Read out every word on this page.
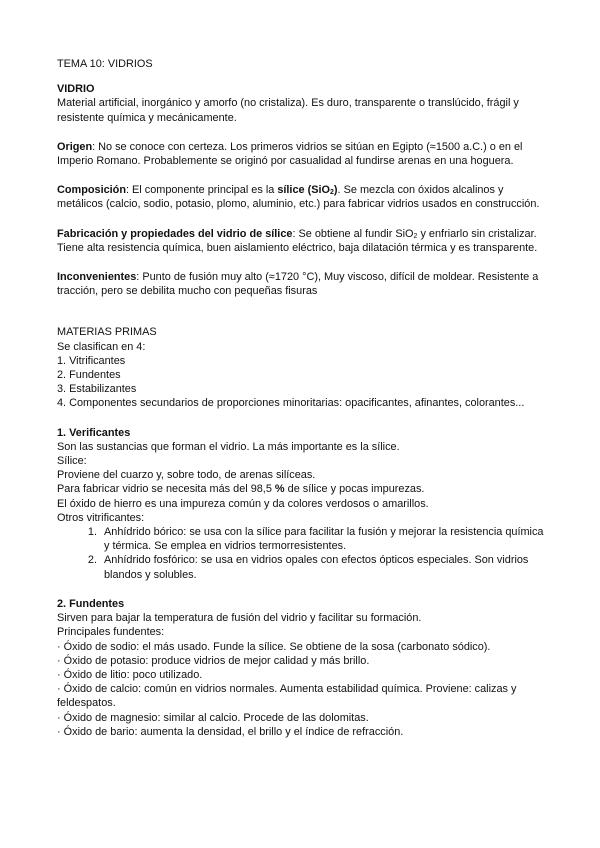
TEMA 10: VIDRIOS

VIDRIO

Material artificial, inorgánico y amorfo (no cristaliza). Es duro, transparente o translúcido, frágil y resistente química y mecánicamente.

Origen: No se conoce con certeza. Los primeros vidrios se sitúan en Egipto (≈1500 a.C.) o en el Imperio Romano. Probablemente se originó por casualidad al fundirse arenas en una hoguera.

Composición: El componente principal es la sílice (SiO$_2$). Se mezcla con óxidos alcalinos y metálicos (calcio, sodio, potasio, plomo, aluminio, etc.) para fabricar vidrios usados en construcción.

Fabricación y propiedades del vidrio de sílice: Se obtiene al fundir SiO$_2$ y enfriarlo sin cristalizar. Tiene alta resistencia química, buen aislamiento eléctrico, baja dilatación térmica y es transparente.

Inconvenientes: Punto de fusión muy alto (≈1720 °C), Muy viscoso, difícil de moldear. Resistente a tracción, pero se debilita mucho con pequeñas fisuras

MATERIAS PRIMAS

Se clasifican en 4:

1. Vitrificantes

2. Fundentes

3. Estabilizantes

4. Componentes secundarios de proporciones minoritarias: opacificantes, afinantes, colorantes...

1. Verificantes

Son las sustancias que forman el vidrio. La más importante es la sílice.

Sílice:

Proviene del cuarzo y, sobre todo, de arenas silíceas.

Para fabricar vidrio se necesita más del 98,5 % de sílice y pocas impurezas.

El óxido de hierro es una impureza común y da colores verdosos o amarillos.

Otros vitrificantes:

1. Anhídrido bórico: se usa con la sílice para facilitar la fusión y mejorar la resistencia química y térmica. Se emplea en vidrios termorresistentes.
2. Anhídrido fosfórico: se usa en vidrios opales con efectos ópticos especiales. Son vidrios blandos y solubles.

2. Fundentes

Sirven para bajar la temperatura de fusión del vidrio y facilitar su formación.

Principales fundentes:

· Óxido de sodio: el más usado. Funde la sílice. Se obtiene de la sosa (carbonato sódico).

· Óxido de potasio: produce vidrios de mejor calidad y más brillo.

· Óxido de litio: poco utilizado.

· Óxido de calcio: común en vidrios normales. Aumenta estabilidad química. Proviene: calizas y feldespatos.

· Óxido de magnesio: similar al calcio. Procede de las dolomitas.

· Óxido de bario: aumenta la densidad, el brillo y el índice de refracción.
